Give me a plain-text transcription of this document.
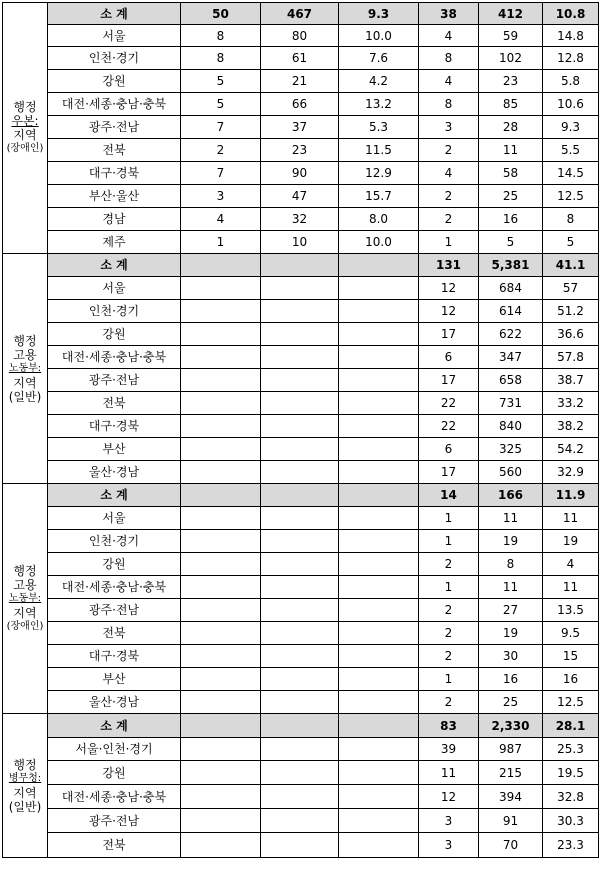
행정
우본:
지역
(장애인)	소 계	50	467	9.3	38	412	10.8
	서울	8	80	10.0	4	59	14.8
	인천·경기	8	61	7.6	8	102	12.8
	강원	5	21	4.2	4	23	5.8
	대전·세종·충남·충북	5	66	13.2	8	85	10.6
	광주·전남	7	37	5.3	3	28	9.3
	전북	2	23	11.5	2	11	5.5
	대구·경북	7	90	12.9	4	58	14.5
	부산·울산	3	47	15.7	2	25	12.5
	경남	4	32	8.0	2	16	8
	제주	1	10	10.0	1	5	5

행정
고용
노동부:
지역
(일반)	소 계				131	5,381	41.1
	서울				12	684	57
	인천·경기				12	614	51.2
	강원				17	622	36.6
	대전·세종·충남·충북				6	347	57.8
	광주·전남				17	658	38.7
	전북				22	731	33.2
	대구·경북				22	840	38.2
	부산				6	325	54.2
	울산·경남				17	560	32.9

행정
고용
노동부:
지역
(장애인)	소 계				14	166	11.9
	서울				1	11	11
	인천·경기				1	19	19
	강원				2	8	4
	대전·세종·충남·충북				1	11	11
	광주·전남				2	27	13.5
	전북				2	19	9.5
	대구·경북				2	30	15
	부산				1	16	16
	울산·경남				2	25	12.5

행정
병무청:
지역
(일반)	소 계				83	2,330	28.1
	서울·인천·경기				39	987	25.3
	강원				11	215	19.5
	대전·세종·충남·충북				12	394	32.8
	광주·전남				3	91	30.3
	전북				3	70	23.3
